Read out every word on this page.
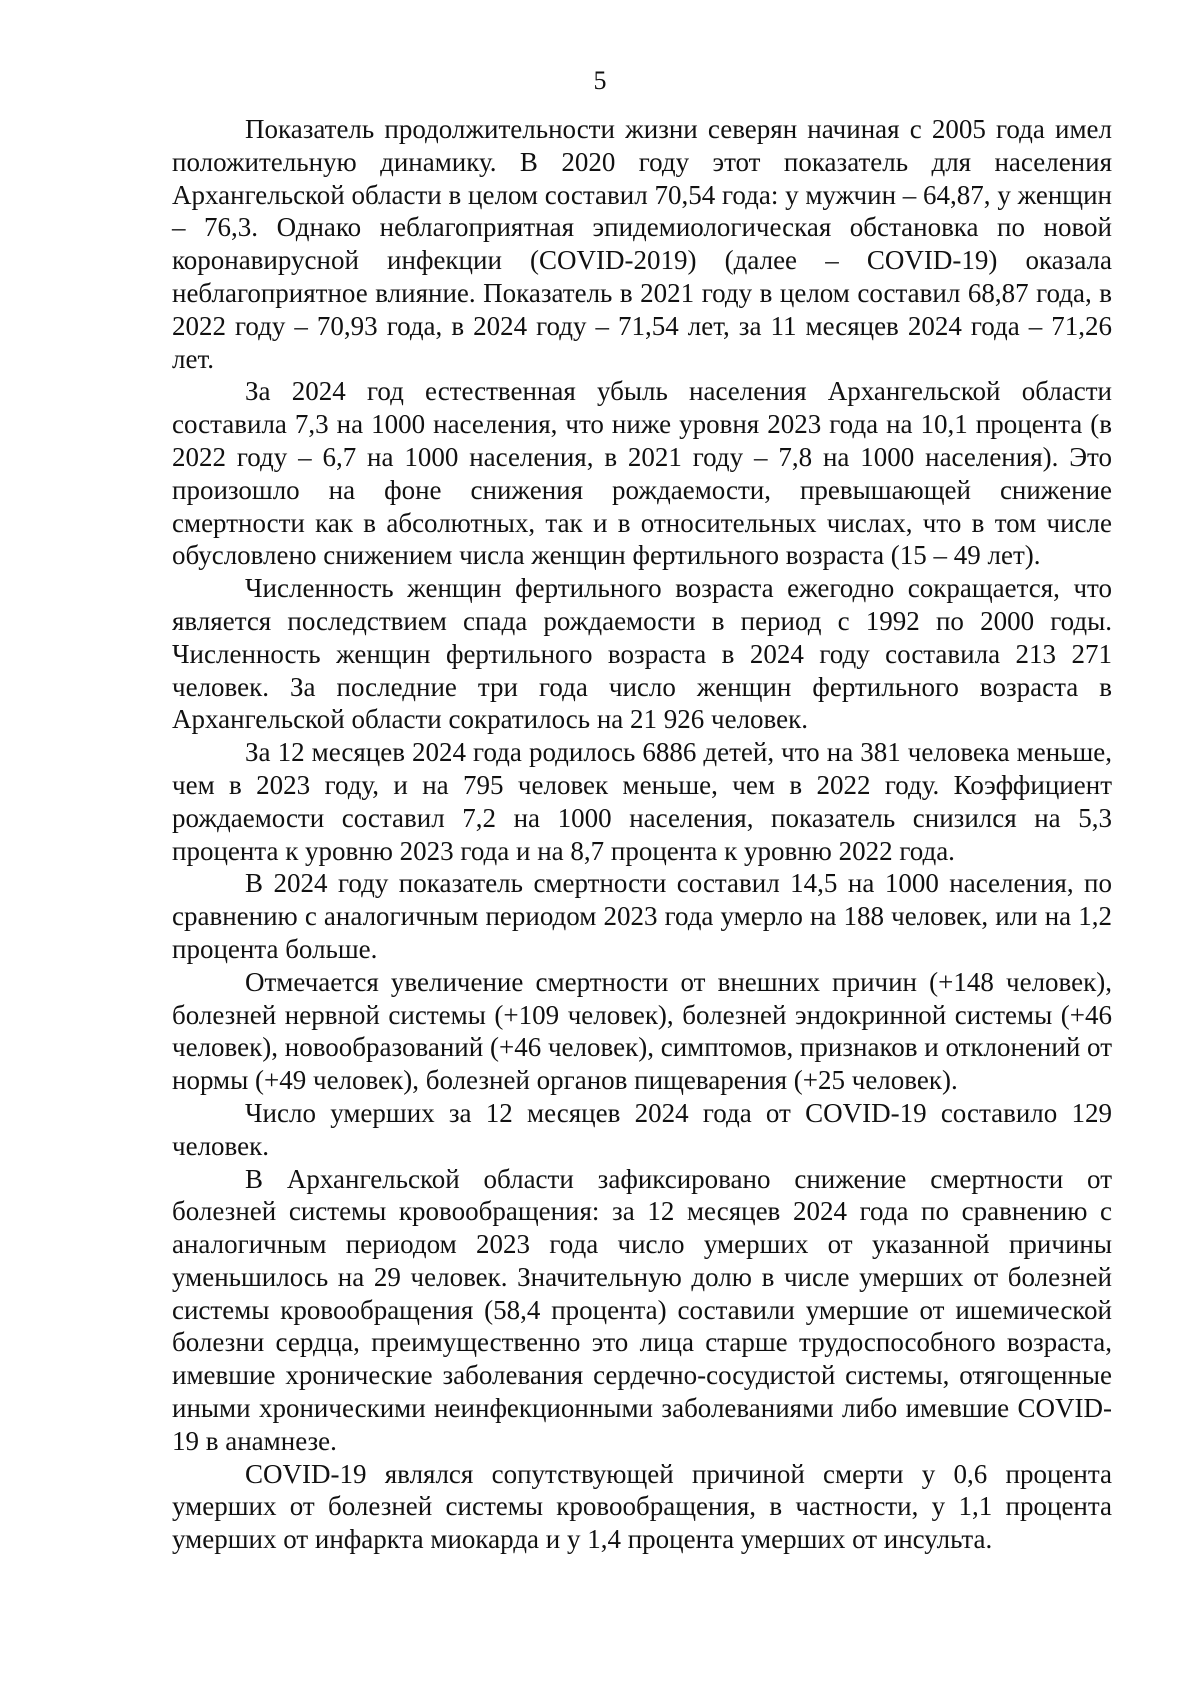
5

Показатель продолжительности жизни северян начиная с 2005 года имел положительную динамику. В 2020 году этот показатель для населения Архангельской области в целом составил 70,54 года: у мужчин – 64,87, у женщин – 76,3. Однако неблагоприятная эпидемиологическая обстановка по новой коронавирусной инфекции (COVID-2019) (далее – COVID-19) оказала неблагоприятное влияние. Показатель в 2021 году в целом составил 68,87 года, в 2022 году – 70,93 года, в 2024 году – 71,54 лет, за 11 месяцев 2024 года – 71,26 лет.

За 2024 год естественная убыль населения Архангельской области составила 7,3 на 1000 населения, что ниже уровня 2023 года на 10,1 процента (в 2022 году – 6,7 на 1000 населения, в 2021 году – 7,8 на 1000 населения). Это произошло на фоне снижения рождаемости, превышающей снижение смертности как в абсолютных, так и в относительных числах, что в том числе обусловлено снижением числа женщин фертильного возраста (15 – 49 лет).

Численность женщин фертильного возраста ежегодно сокращается, что является последствием спада рождаемости в период с 1992 по 2000 годы. Численность женщин фертильного возраста в 2024 году составила 213 271 человек. За последние три года число женщин фертильного возраста в Архангельской области сократилось на 21 926 человек.

За 12 месяцев 2024 года родилось 6886 детей, что на 381 человека меньше, чем в 2023 году, и на 795 человек меньше, чем в 2022 году. Коэффициент рождаемости составил 7,2 на 1000 населения, показатель снизился на 5,3 процента к уровню 2023 года и на 8,7 процента к уровню 2022 года.

В 2024 году показатель смертности составил 14,5 на 1000 населения, по сравнению с аналогичным периодом 2023 года умерло на 188 человек, или на 1,2 процента больше.

Отмечается увеличение смертности от внешних причин (+148 человек), болезней нервной системы (+109 человек), болезней эндокринной системы (+46 человек), новообразований (+46 человек), симптомов, признаков и отклонений от нормы (+49 человек), болезней органов пищеварения (+25 человек).

Число умерших за 12 месяцев 2024 года от COVID-19 составило 129 человек.

В Архангельской области зафиксировано снижение смертности от болезней системы кровообращения: за 12 месяцев 2024 года по сравнению с аналогичным периодом 2023 года число умерших от указанной причины уменьшилось на 29 человек. Значительную долю в числе умерших от болезней системы кровообращения (58,4 процента) составили умершие от ишемической болезни сердца, преимущественно это лица старше трудоспособного возраста, имевшие хронические заболевания сердечно-сосудистой системы, отягощенные иными хроническими неинфекционными заболеваниями либо имевшие COVID-19 в анамнезе.

COVID-19 являлся сопутствующей причиной смерти у 0,6 процента умерших от болезней системы кровообращения, в частности, у 1,1 процента умерших от инфаркта миокарда и у 1,4 процента умерших от инсульта.
